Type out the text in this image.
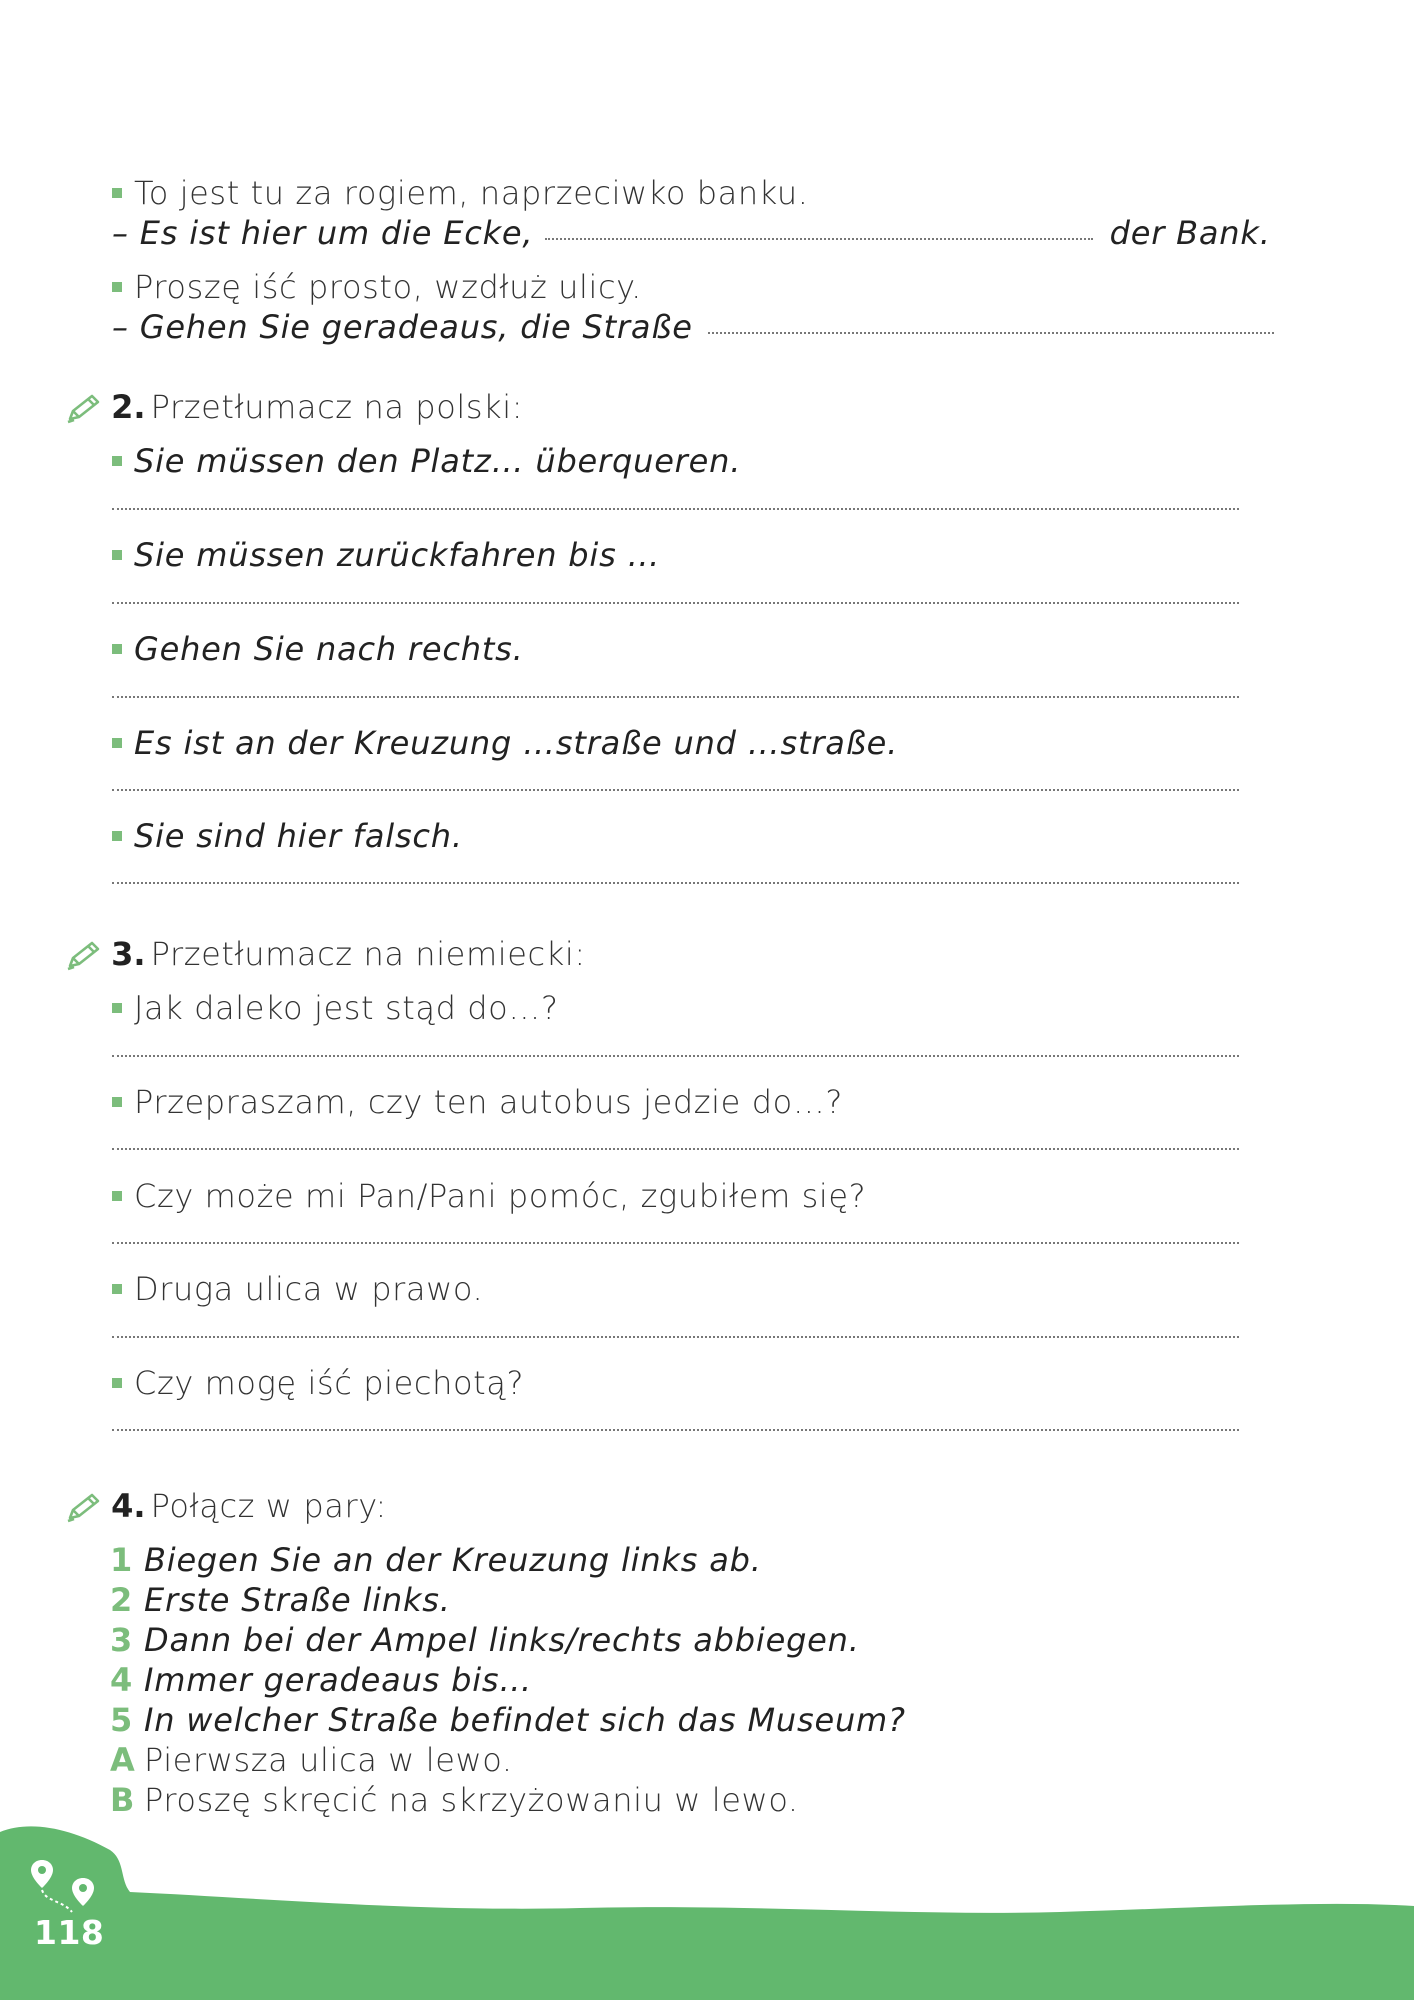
To jest tu za rogiem, naprzeciwko banku.
– Es ist hier um die Ecke,	der Bank.
Proszę iść prosto, wzdłuż ulicy.
– Gehen Sie geradeaus, die Straße
2. Przetłumacz na polski:
Sie müssen den Platz… überqueren.
Sie müssen zurückfahren bis …
Gehen Sie nach rechts.
Es ist an der Kreuzung …straße und …straße.
Sie sind hier falsch.
3. Przetłumacz na niemiecki:
Jak daleko jest stąd do…?
Przepraszam, czy ten autobus jedzie do…?
Czy może mi Pan/Pani pomóc, zgubiłem się?
Druga ulica w prawo.
Czy mogę iść piechotą?
4. Połącz w pary:
1 Biegen Sie an der Kreuzung links ab.
2 Erste Straße links.
3 Dann bei der Ampel links/rechts abbiegen.
4 Immer geradeaus bis…
5 In welcher Straße befindet sich das Museum?
A Pierwsza ulica w lewo.
B Proszę skręcić na skrzyżowaniu w lewo.
118
